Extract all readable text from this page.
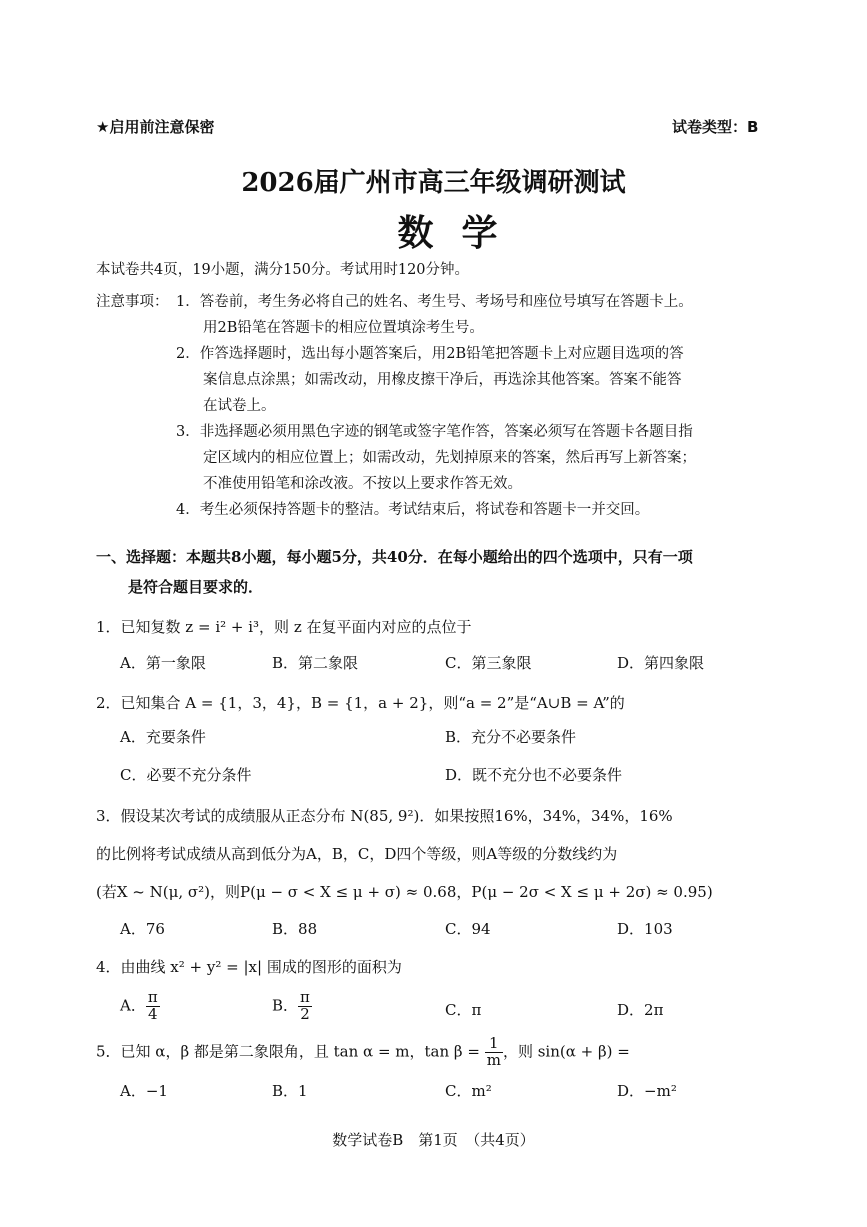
★启用前注意保密	试卷类型：B
2026届广州市高三年级调研测试
数学
本试卷共4页，19小题，满分150分。考试用时120分钟。
注意事项： 1．答卷前，考生务必将自己的姓名、考生号、考场号和座位号填写在答题卡上。
用2B铅笔在答题卡的相应位置填涂考生号。
2．作答选择题时，选出每小题答案后，用2B铅笔把答题卡上对应题目选项的答
案信息点涂黑；如需改动，用橡皮擦干净后，再选涂其他答案。答案不能答
在试卷上。
3．非选择题必须用黑色字迹的钢笔或签字笔作答，答案必须写在答题卡各题目指
定区域内的相应位置上；如需改动，先划掉原来的答案，然后再写上新答案；
不准使用铅笔和涂改液。不按以上要求作答无效。
4．考生必须保持答题卡的整洁。考试结束后，将试卷和答题卡一并交回。
一、选择题：本题共8小题，每小题5分，共40分．在每小题给出的四个选项中，只有一项
是符合题目要求的．
1．已知复数 z = i² + i³，则 z 在复平面内对应的点位于
A．第一象限	B．第二象限	C．第三象限	D．第四象限
2．已知集合 A = {1，3，4}，B = {1，a + 2}，则“a = 2”是“A∪B = A”的
A．充要条件	B．充分不必要条件
C．必要不充分条件	D．既不充分也不必要条件
3．假设某次考试的成绩服从正态分布 N(85, 9²)．如果按照16%，34%，34%，16%
的比例将考试成绩从高到低分为A，B，C，D四个等级，则A等级的分数线约为
(若X ~ N(μ, σ²)，则P(μ − σ < X ≤ μ + σ) ≈ 0.68，P(μ − 2σ < X ≤ μ + 2σ) ≈ 0.95)
A．76	B．88	C．94	D．103
4．由曲线 x² + y² = |x| 围成的图形的面积为
A． $\frac{\pi}{4}$	B． $\frac{\pi}{2}$	C．π	D．2π
5．已知 α，β 都是第二象限角，且 tan α = m，$\tan \beta = \frac{1}{m}$ ，则 sin(α + β) =
A．−1	B．1	C．m²	D．−m²
数学试卷B　第1页　（共4页）
